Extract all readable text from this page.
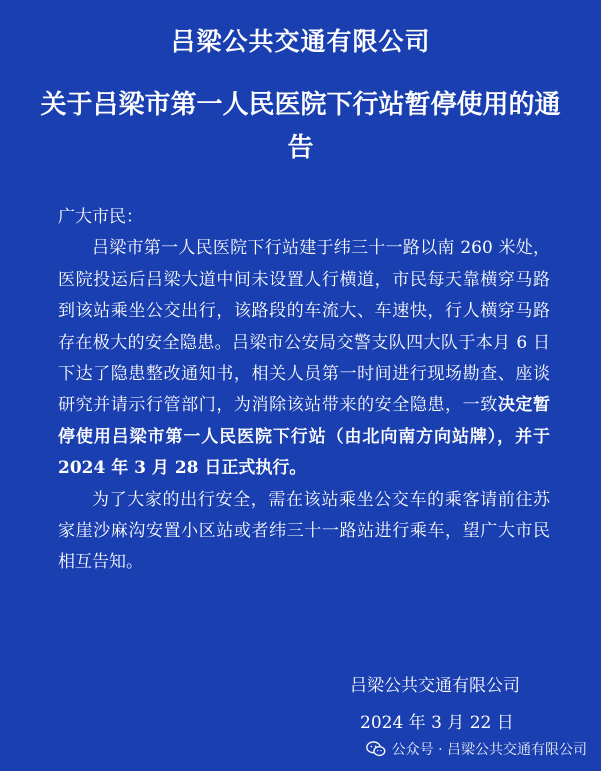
吕梁公共交通有限公司
关于吕梁市第一人民医院下行站暂停使用的通告

广大市民：

吕梁市第一人民医院下行站建于纬三十一路以南 260 米处，医院投运后吕梁大道中间未设置人行横道，市民每天靠横穿马路到该站乘坐公交出行，该路段的车流大、车速快，行人横穿马路存在极大的安全隐患。吕梁市公安局交警支队四大队于本月 6 日下达了隐患整改通知书，相关人员第一时间进行现场勘查、座谈研究并请示行管部门，为消除该站带来的安全隐患，一致决定暂停使用吕梁市第一人民医院下行站（由北向南方向站牌），并于 2024 年 3 月 28 日正式执行。

为了大家的出行安全，需在该站乘坐公交车的乘客请前往苏家崖沙麻沟安置小区站或者纬三十一路站进行乘车，望广大市民相互告知。

吕梁公共交通有限公司
2024 年 3 月 22 日
公众号 · 吕梁公共交通有限公司
